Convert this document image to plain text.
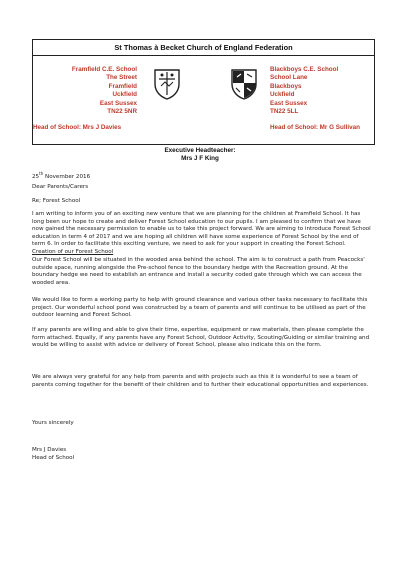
St Thomas à Becket Church of England Federation
Framfield C.E. School
The Street
Framfield
Uckfield
East Sussex
TN22 5NR
Blackboys C.E. School
School Lane
Blackboys
Uckfield
East Sussex
TN22 5LL
Head of School: Mrs J Davies	Head of School: Mr G Sullivan
Executive Headteacher:
Mrs J F King
25th November 2016
Dear Parents/Carers
Re; Forest School
I am writing to inform you of an exciting new venture that we are planning for the children at Framfield School. It has long been our hope to create and deliver Forest School education to our pupils. I am pleased to confirm that we have now gained the necessary permission to enable us to take this project forward. We are aiming to introduce Forest School education in term 4 of 2017 and we are hoping all children will have some experience of Forest School by the end of term 6. In order to facilitate this exciting venture, we need to ask for your support in creating the Forest School.
Creation of our Forest School
Our Forest School will be situated in the wooded area behind the school. The aim is to construct a path from Peacocks' outside space, running alongside the Pre-school fence to the boundary hedge with the Recreation ground. At the boundary hedge we need to establish an entrance and install a security coded gate through which we can access the wooded area.
We would like to form a working party to help with ground clearance and various other tasks necessary to facilitate this project. Our wonderful school pond was constructed by a team of parents and will continue to be utilised as part of the outdoor learning and Forest School.
If any parents are willing and able to give their time, expertise, equipment or raw materials, then please complete the form attached. Equally, if any parents have any Forest School, Outdoor Activity, Scouting/Guiding or similar training and would be willing to assist with advice or delivery of Forest School, please also indicate this on the form.
We are always very grateful for any help from parents and with projects such as this it is wonderful to see a team of parents coming together for the benefit of their children and to further their educational opportunities and experiences.
Yours sincerely
Mrs J Davies
Head of School
